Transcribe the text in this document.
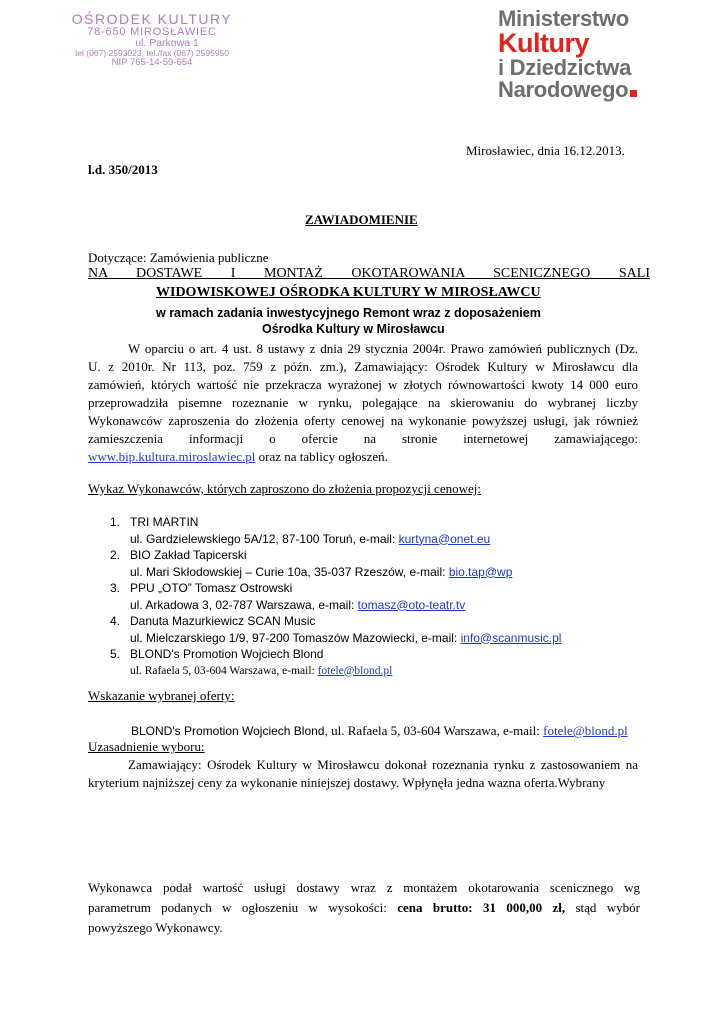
OŚRODEK KULTURY
78-650 MIROSŁAWIEC
ul. Parkowa 1
tel (067) 2593023, tel./fax (067) 2595950
NIP 765-14-59-654
Ministerstwo
Kultury
i Dziedzictwa
Narodowego
Mirosławiec, dnia 16.12.2013.
l.d. 350/2013
ZAWIADOMIENIE
Dotyczące: Zamówienia publiczne
NA DOSTAWE I MONTAŻ OKOTAROWANIA SCENICZNEGO SALI
WIDOWISKOWEJ OŚRODKA KULTURY W MIROSŁAWCU
w ramach zadania inwestycyjnego Remont wraz z doposażeniem
Ośrodka Kultury w Mirosławcu
W oparciu o art. 4 ust. 8 ustawy z dnia 29 stycznia 2004r. Prawo zamówień publicznych (Dz.
U. z 2010r. Nr 113, poz. 759 z późn. zm.), Zamawiający: Ośrodek Kultury w Mirosławcu dla
zamówień, których wartość nie przekracza wyrażonej w złotych równowartości kwoty 14 000 euro
przeprowadziła pisemne rozeznanie w rynku, polegające na skierowaniu do wybranej liczby
Wykonawców zaproszenia do złożenia oferty cenowej na wykonanie powyższej usługi, jak również
zamieszczenia informacji o ofercie na stronie internetowej zamawiającego:
www.bip.kultura.miroslawiec.pl oraz na tablicy ogłoszeń.
Wykaz Wykonawców, których zaproszono do złożenia propozycji cenowej:
1. TRI MARTIN
ul. Gardzielewskiego 5A/12, 87-100 Toruń, e-mail: kurtyna@onet.eu
2. BIO Zakład Tapicerski
ul. Mari Skłodowskiej – Curie 10a, 35-037 Rzeszów, e-mail: bio.tap@wp
3. PPU „OTO” Tomasz Ostrowski
ul. Arkadowa 3, 02-787 Warszawa, e-mail: tomasz@oto-teatr.tv
4. Danuta Mazurkiewicz SCAN Music
ul. Mielczarskiego 1/9, 97-200 Tomaszów Mazowiecki, e-mail: info@scanmusic.pl
5. BLOND's Promotion Wojciech Blond
ul. Rafaela 5, 03-604 Warszawa, e-mail: fotele@blond.pl
Wskazanie wybranej oferty:
BLOND's Promotion Wojciech Blond, ul. Rafaela 5, 03-604 Warszawa, e-mail: fotele@blond.pl
Uzasadnienie wyboru:
Zamawiający: Ośrodek Kultury w Mirosławcu dokonał rozeznania rynku z zastosowaniem na
kryterium najniższej ceny za wykonanie niniejszej dostawy. Wpłynęła jedna wazna oferta.Wybrany
Wykonawca podał wartość usługi dostawy wraz z montażem okotarowania scenicznego wg
parametrum podanych w ogłoszeniu w wysokości: cena brutto: 31 000,00 zł, stąd wybór
powyższego Wykonawcy.
